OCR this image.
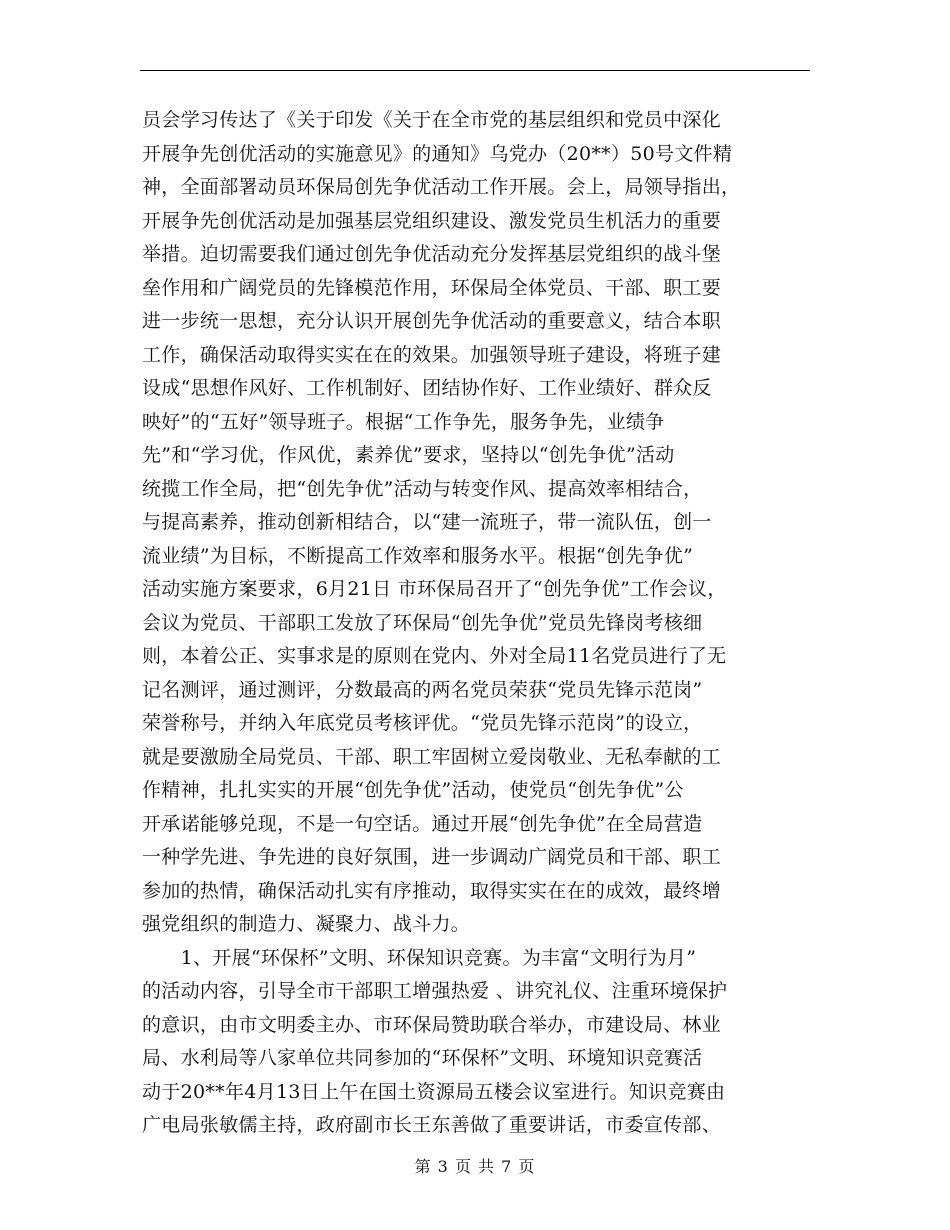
员会学习传达了《关于印发《关于在全市党的基层组织和党员中深化
开展争先创优活动的实施意见》的通知》乌党办（20**）50号文件精
神，全面部署动员环保局创先争优活动工作开展。会上，局领导指出，
开展争先创优活动是加强基层党组织建设、激发党员生机活力的重要
举措。迫切需要我们通过创先争优活动充分发挥基层党组织的战斗堡
垒作用和广阔党员的先锋模范作用，环保局全体党员、干部、职工要
进一步统一思想，充分认识开展创先争优活动的重要意义，结合本职
工作，确保活动取得实实在在的效果。加强领导班子建设，将班子建
设成“思想作风好、工作机制好、团结协作好、工作业绩好、群众反
映好”的“五好”领导班子。根据“工作争先，服务争先，业绩争
先”和“学习优，作风优，素养优”要求，坚持以“创先争优”活动
统揽工作全局，把“创先争优”活动与转变作风、提高效率相结合，
与提高素养，推动创新相结合，以“建一流班子，带一流队伍，创一
流业绩”为目标，不断提高工作效率和服务水平。根据“创先争优”
活动实施方案要求，6月21日 市环保局召开了“创先争优”工作会议，
会议为党员、干部职工发放了环保局“创先争优”党员先锋岗考核细
则，本着公正、实事求是的原则在党内、外对全局11名党员进行了无
记名测评，通过测评，分数最高的两名党员荣获“党员先锋示范岗”
荣誉称号，并纳入年底党员考核评优。“党员先锋示范岗”的设立，
就是要激励全局党员、干部、职工牢固树立爱岗敬业、无私奉献的工
作精神，扎扎实实的开展“创先争优”活动，使党员“创先争优”公
开承诺能够兑现，不是一句空话。通过开展“创先争优”在全局营造
一种学先进、争先进的良好氛围，进一步调动广阔党员和干部、职工
参加的热情，确保活动扎实有序推动，取得实实在在的成效，最终增
强党组织的制造力、凝聚力、战斗力。
　　1、开展“环保杯”文明、环保知识竞赛。为丰富“文明行为月”
的活动内容，引导全市干部职工增强热爱 、讲究礼仪、注重环境保护
的意识，由市文明委主办、市环保局赞助联合举办，市建设局、林业
局、水利局等八家单位共同参加的“环保杯”文明、环境知识竞赛活
动于20**年4月13日上午在国土资源局五楼会议室进行。知识竞赛由
广电局张敏儒主持，政府副市长王东善做了重要讲话，市委宣传部、
第 3 页 共 7 页
